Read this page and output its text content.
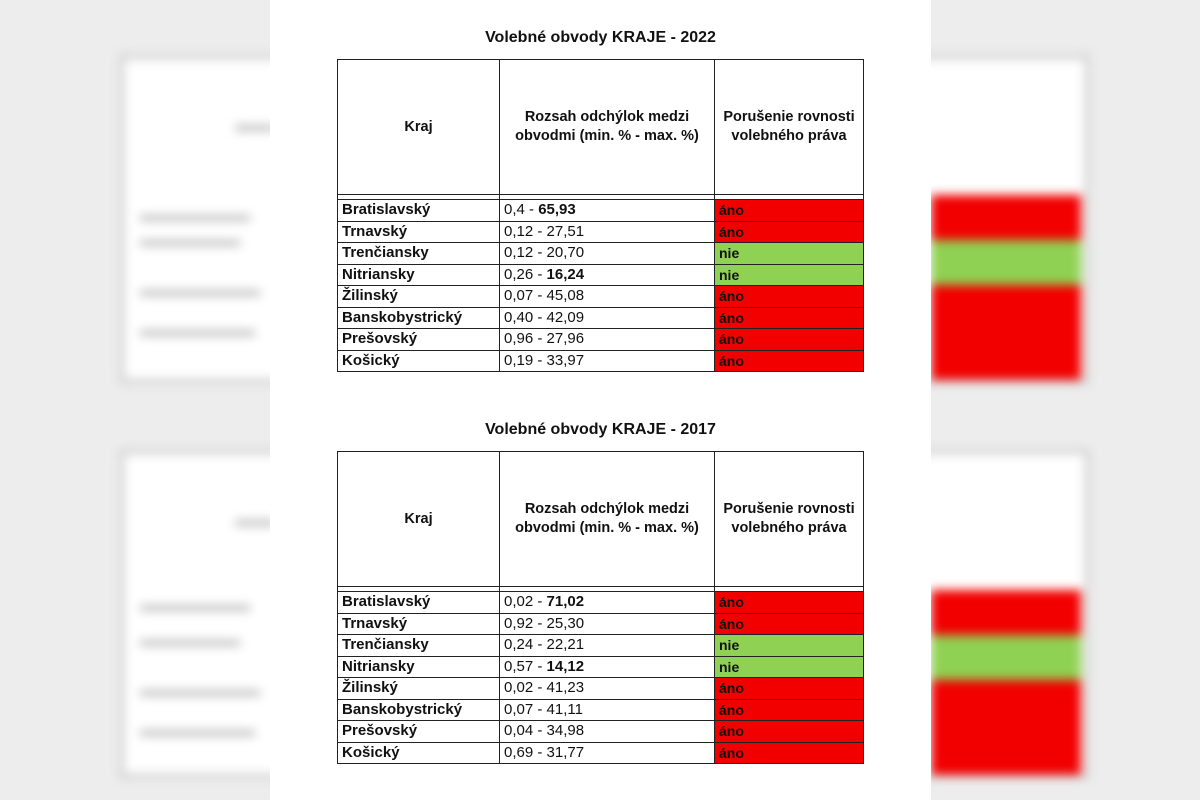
Volebné obvody KRAJE - 2022
Kraj	Rozsah odchýlok medzi obvodmi (min. % - max. %)	Porušenie rovnosti volebného práva

Bratislavský	0,4 - 65,93	áno
Trnavský	0,12 - 27,51	áno
Trenčiansky	0,12 - 20,70	nie
Nitriansky	0,26 - 16,24	nie
Žilinský	0,07 - 45,08	áno
Banskobystrický	0,40 - 42,09	áno
Prešovský	0,96 - 27,96	áno
Košický	0,19 - 33,97	áno
Volebné obvody KRAJE - 2017
Kraj	Rozsah odchýlok medzi obvodmi (min. % - max. %)	Porušenie rovnosti volebného práva

Bratislavský	0,02 - 71,02	áno
Trnavský	0,92 - 25,30	áno
Trenčiansky	0,24 - 22,21	nie
Nitriansky	0,57 - 14,12	nie
Žilinský	0,02 - 41,23	áno
Banskobystrický	0,07 - 41,11	áno
Prešovský	0,04 - 34,98	áno
Košický	0,69 - 31,77	áno
